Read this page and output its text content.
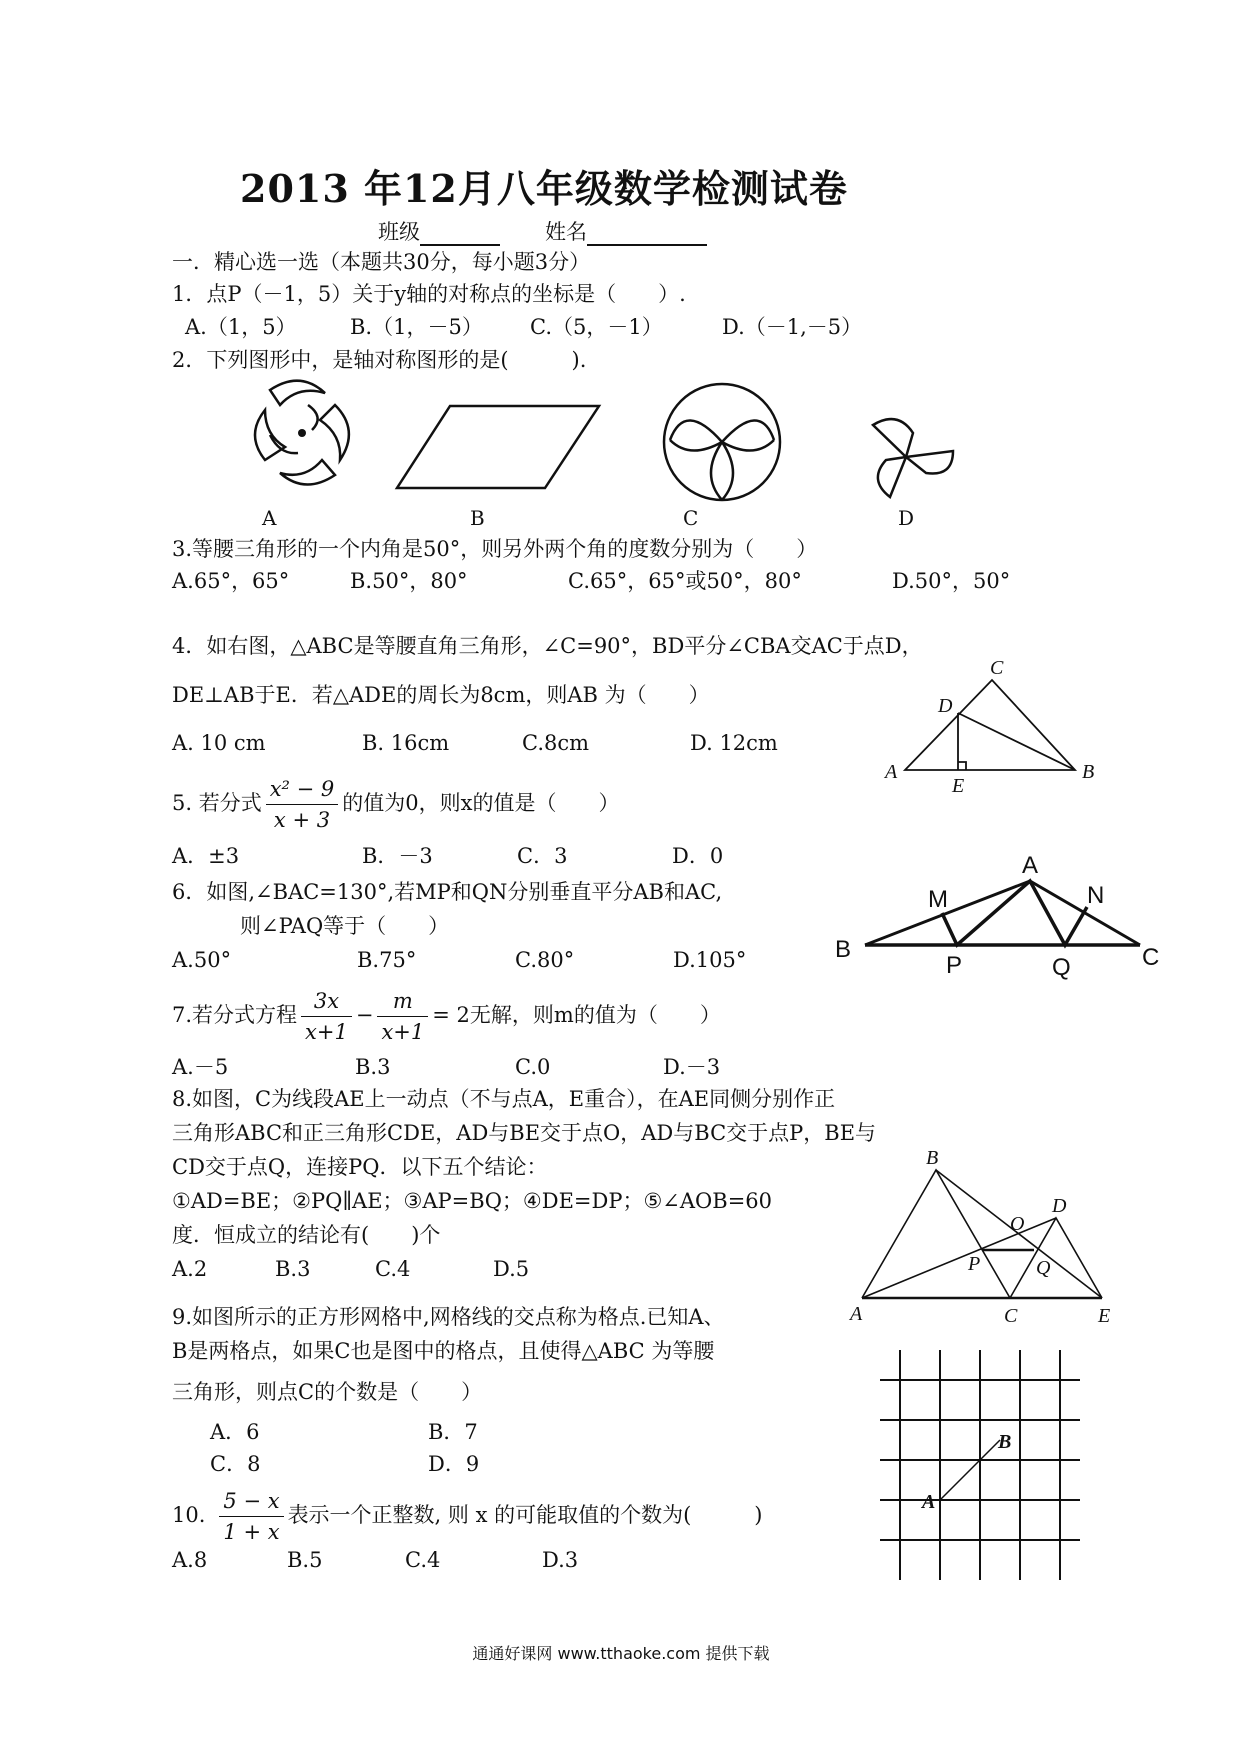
2013 年12月八年级数学检测试卷
班级	姓名
一．精心选一选（本题共30分，每小题3分）
1．点P（－1，5）关于y轴的对称点的坐标是（　　）.
A.（1，5）	B.（1，－5） C.（5，－1）	D.（－1,－5）
2．下列图形中，是轴对称图形的是(　　　).
A	B	C	D
3.等腰三角形的一个内角是50°，则另外两个角的度数分别为（　　）
A.65°，65°	B.50°，80°	C.65°，65°或50°，80°	D.50°，50°
4．如右图，△ABC是等腰直角三角形，∠C=90°，BD平分∠CBA交AC于点D，
DE⊥AB于E．若△ADE的周长为8cm，则AB 为（　　）
A. 10 cm	B. 16cm	C.8cm	D. 12cm
A	B
C
D
E
5. 若分式 $\frac{\text{x² − 9}}{x + 3}$ 的值为0，则x的值是（　　）
A．±3	B．－3	C．3	D．0
6．如图,∠BAC=130°,若MP和QN分别垂直平分AB和AC,
则∠PAQ等于（　　）
A.50°	B.75°	C.80°	D.105°
A
B	C
M	N
P	Q
7.若分式方程 $\frac{3x}{x+1} - \frac{m}{x+1} = 2$无解，则m的值为（　　）
A.－5	B.3	C.0	D.－3
8.如图，C为线段AE上一动点（不与点A，E重合），在AE同侧分别作正
三角形ABC和正三角形CDE，AD与BE交于点O，AD与BC交于点P，BE与
CD交于点Q，连接PQ．以下五个结论：
①AD=BE；②PQ∥AE；③AP=BQ；④DE=DP；⑤∠AOB=60
度．恒成立的结论有(　　)个
A.2	B.3	C.4	D.5
A
B
C
D
E
O
P	Q
9.如图所示的正方形网格中,网格线的交点称为格点.已知A、
B是两格点，如果C也是图中的格点，且使得△ABC 为等腰
三角形，则点C的个数是（　　）
A．6	B．7
C．8	D．9
A
B
10. $\frac{5 - x}{1 + x}$ 表示一个正整数, 则 x 的可能取值的个数为(　　　)
A.8	B.5	C.4	D.3
通通好课网 www.tthaoke.com 提供下载
